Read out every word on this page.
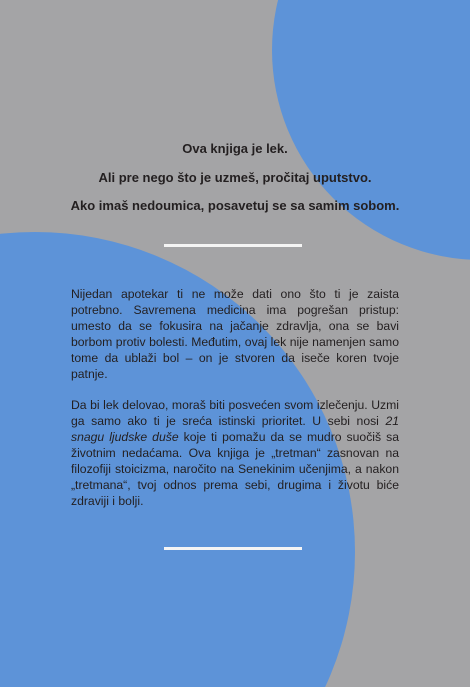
Ova knjiga je lek.
Ali pre nego što je uzmeš, pročitaj uputstvo.
Ako imaš nedoumica, posavetuj se sa samim sobom.
Nijedan apotekar ti ne može dati ono što ti je zaista potrebno. Savremena medicina ima pogrešan pristup: umesto da se fokusira na jačanje zdravlja, ona se bavi borbom protiv bolesti. Međutim, ovaj lek nije namenjen samo tome da ublaži bol – on je stvoren da iseče koren tvoje patnje.
Da bi lek delovao, moraš biti posvećen svom izlečenju. Uzmi ga samo ako ti je sreća istinski prioritet. U sebi nosi 21 snagu ljudske duše koje ti pomažu da se mudro suočiš sa životnim nedaćama. Ova knjiga je „tretman“ zasnovan na filozofiji stoicizma, naročito na Senekinim učenjima, a nakon „tretmana“, tvoj odnos prema sebi, drugima i životu biće zdraviji i bolji.
